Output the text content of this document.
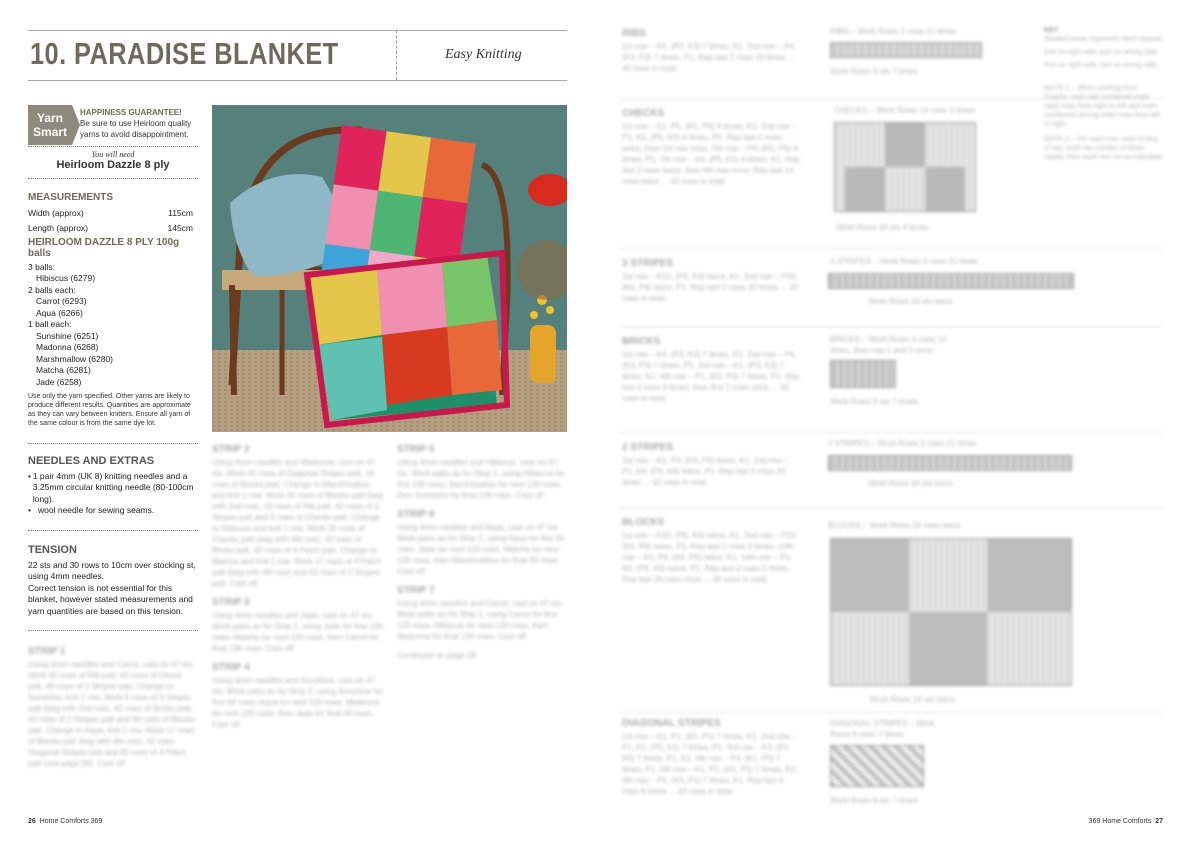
10. PARADISE BLANKET	Easy Knitting
Yarn
Smart
HAPPINESS GUARANTEE!
Be sure to use Heirloom quality yarns to avoid disappointment.
You will need
Heirloom Dazzle 8 ply
MEASUREMENTS
Width (approx)	115cm
Length (approx)	145cm
HEIRLOOM DAZZLE 8 PLY 100g balls
3 balls:
Hibiscus (6279)
2 balls each:
Carrot (6293)
Aqua (6266)
1 ball each:
Sunshine (6251)
Madonna (6268)
Marshmallow (6280)
Matcha (6281)
Jade (6258)
Use only the yarn specified. Other yarns are likely to produce different results. Quantities are approximate as they can vary between knitters. Ensure all yarn of the same colour is from the same dye lot.
NEEDLES AND EXTRAS
• 1 pair 4mm (UK 8) knitting needles and a 3.25mm circular knitting needle (80-100cm long).
• wool needle for sewing seams.
TENSION
22 sts and 30 rows to 10cm over stocking st, using 4mm needles.
Correct tension is not essential for this blanket, however stated measurements and yarn quantities are based on this tension.
STRIP 1
Using 4mm needles and Carrot, cast on 47 sts. Work 42 rows of Rib patt, 42 rows of Check patt, 46 rows of 2 Stripes patt. Change to Sunshine, knit 1 row. Work 5 rows of 3 Stripes patt (beg with 2nd row), 42 rows of Bricks patt, 42 rows of 2 Stripes patt and 30 rows of Blocks patt. Change to Aqua, knit 1 row. Work 17 rows of Blocks patt (beg with 4th row), 42 rows Diagonal Stripes patt and 60 rows of 4 Patch patt (see page 28). Cast off.
STRIP 2
Using 4mm needles and Madonna, cast on 47 sts. Work 42 rows of Diagonal Stripes patt, 16 rows of Blocks patt. Change to Marshmallow and knit 1 row. Work 26 rows of Blocks patt (beg with 2nd row), 42 rows of Rib patt, 42 rows of 3 Stripes patt and 6 rows of Checks patt. Change to Hibiscus and knit 1 row. Work 35 rows of Checks patt (beg with 4th row), 42 rows of Bricks patt, 42 rows of 4 Patch patt. Change to Matcha and knit 1 row. Work 17 rows of 4 Patch patt (beg with 4th row) and 42 rows of 2 Stripes patt. Cast off.
STRIP 3
Using 4mm needles and Jade, cast on 47 sts. Work patts as for Strip 1, using Jade for first 130 rows, Matcha for next 130 rows, then Carrot for final 130 rows. Cast off.
STRIP 4
Using 4mm needles and Sunshine, cast on 47 sts. Work patts as for Strip 2, using Sunshine for first 64 rows, Aqua for next 120 rows, Madonna for next 120 rows, then Jade for final 60 rows. Cast off.
STRIP 5
Using 4mm needles and Hibiscus, cast on 47 sts. Work patts as for Strip 1, using Hibiscus for first 130 rows, Marshmallow for next 130 rows, then Sunshine for final 130 rows. Cast off.
STRIP 6
Using 4mm needles and Aqua, cast on 47 sts. Work patts as for Strip 2, using Aqua for first 64 rows, Jade for next 120 rows, Matcha for next 120 rows, then Marshmallow for final 60 rows. Cast off.
STRIP 7
Using 4mm needles and Carrot, cast on 47 sts. Work patts as for Strip 1, using Carrot for first 120 rows, Hibiscus for next 120 rows, then Madonna for final 130 rows. Cast off.
Continued on page 28
26 Home Comforts 369
RIBS
1st row – K5, (P3, K3) 7 times, K1. 2nd row – P4, (K3, P3) 7 times, P1. Rep last 2 rows 20 times ... 42 rows in total.
CHECKS
1st row – K1, P5, (K5, P5) 4 times, K1. 2nd row – P1, K5, (P5, K5) 4 times, P1. Rep last 2 rows twice, then 1st row once. 6th row – P6, (K5, P5) 4 times, P1. 7th row – K6, (P5, K5) 4 times, K1. Rep last 2 rows twice, then 6th row once. Rep last 14 rows twice ... 42 rows in total.
3 STRIPES
1st row – K10, (P6, K4) twice, K1. 2nd row – P10, (K6, P4) twice, P1. Rep last 2 rows 20 times ... 42 rows in total.
BRICKS
1st row – K4, (P3, K3) 7 times, K1. 2nd row – P4, (K3, P3) 7 times, P1. 3rd row – K1, (P3, K3) 7 times, K1. 4th row – P1, (K3, P3) 7 times, P1. Rep last 4 rows 9 times, then first 2 rows once ... 42 rows in total.
2 STRIPES
1st row – K1, P4, (K6, P6) twice, K1. 2nd row – P1, K4, (P6, K6) twice, P1. Rep last 2 rows 20 times ... 42 rows in total.
BLOCKS
1st row – K10, (P6, K6) twice, K1. 2nd row – P10, (K6, P6) twice, P1. Rep last 2 rows 5 times. 13th row – K1, P6, (K6, P6) twice, K1. 14th row – P1, K6, (P6, K6) twice, P1. Rep last 2 rows 5 times. Rep last 24 rows once ... 48 rows in total.
DIAGONAL STRIPES
1st row – K1, P1, (K5, P1) 7 times, K1. 2nd row – P1, K1, (P5, K1) 7 times, P1. 3rd row – K3, (P1, K5) 7 times, P1, K1. 4th row – P4, (K1, P5) 7 times, P1. 5th row – K1, P1, (K5, P1) 7 times, K3. 6th row – P1, (K5, P1) 7 times, K1. Rep last 6 rows 6 times ... 42 rows in total.
RIBS – Work Rows 2 rows 21 times
Work Rows 6 sts 7 times
CHECKS – Work Rows 14 rows 3 times
Work Rows 10 sts 4 times
3 STRIPES – Work Rows 2 rows 21 times
Work Rows 10 sts twice
BRICKS – Work Rows 4 rows 10 times, then row 1 and 2 once
Work Rows 6 sts 7 times
2 STRIPES – Work Rows 2 rows 21 times
Work Rows 10 sts twice
BLOCKS – Work Rows 24 rows twice
Work Rows 10 sts twice
DIAGONAL STRIPES – Work Rows 6 rows 7 times
Work Rows 6 sts 7 times
KEY
Shaded areas represent stitch repeats
Knit on right side, purl on wrong side.
Purl on right side, knit on wrong side.
NOTE 1 – When working from Graphs, read odd numbered (right side) rows from right to left and even numbered (wrong side) rows from left to right.
NOTE 2 – For each row, work to beg of rep, work rep number of times stated, then work rem sts as indicated.
369 Home Comforts 27
